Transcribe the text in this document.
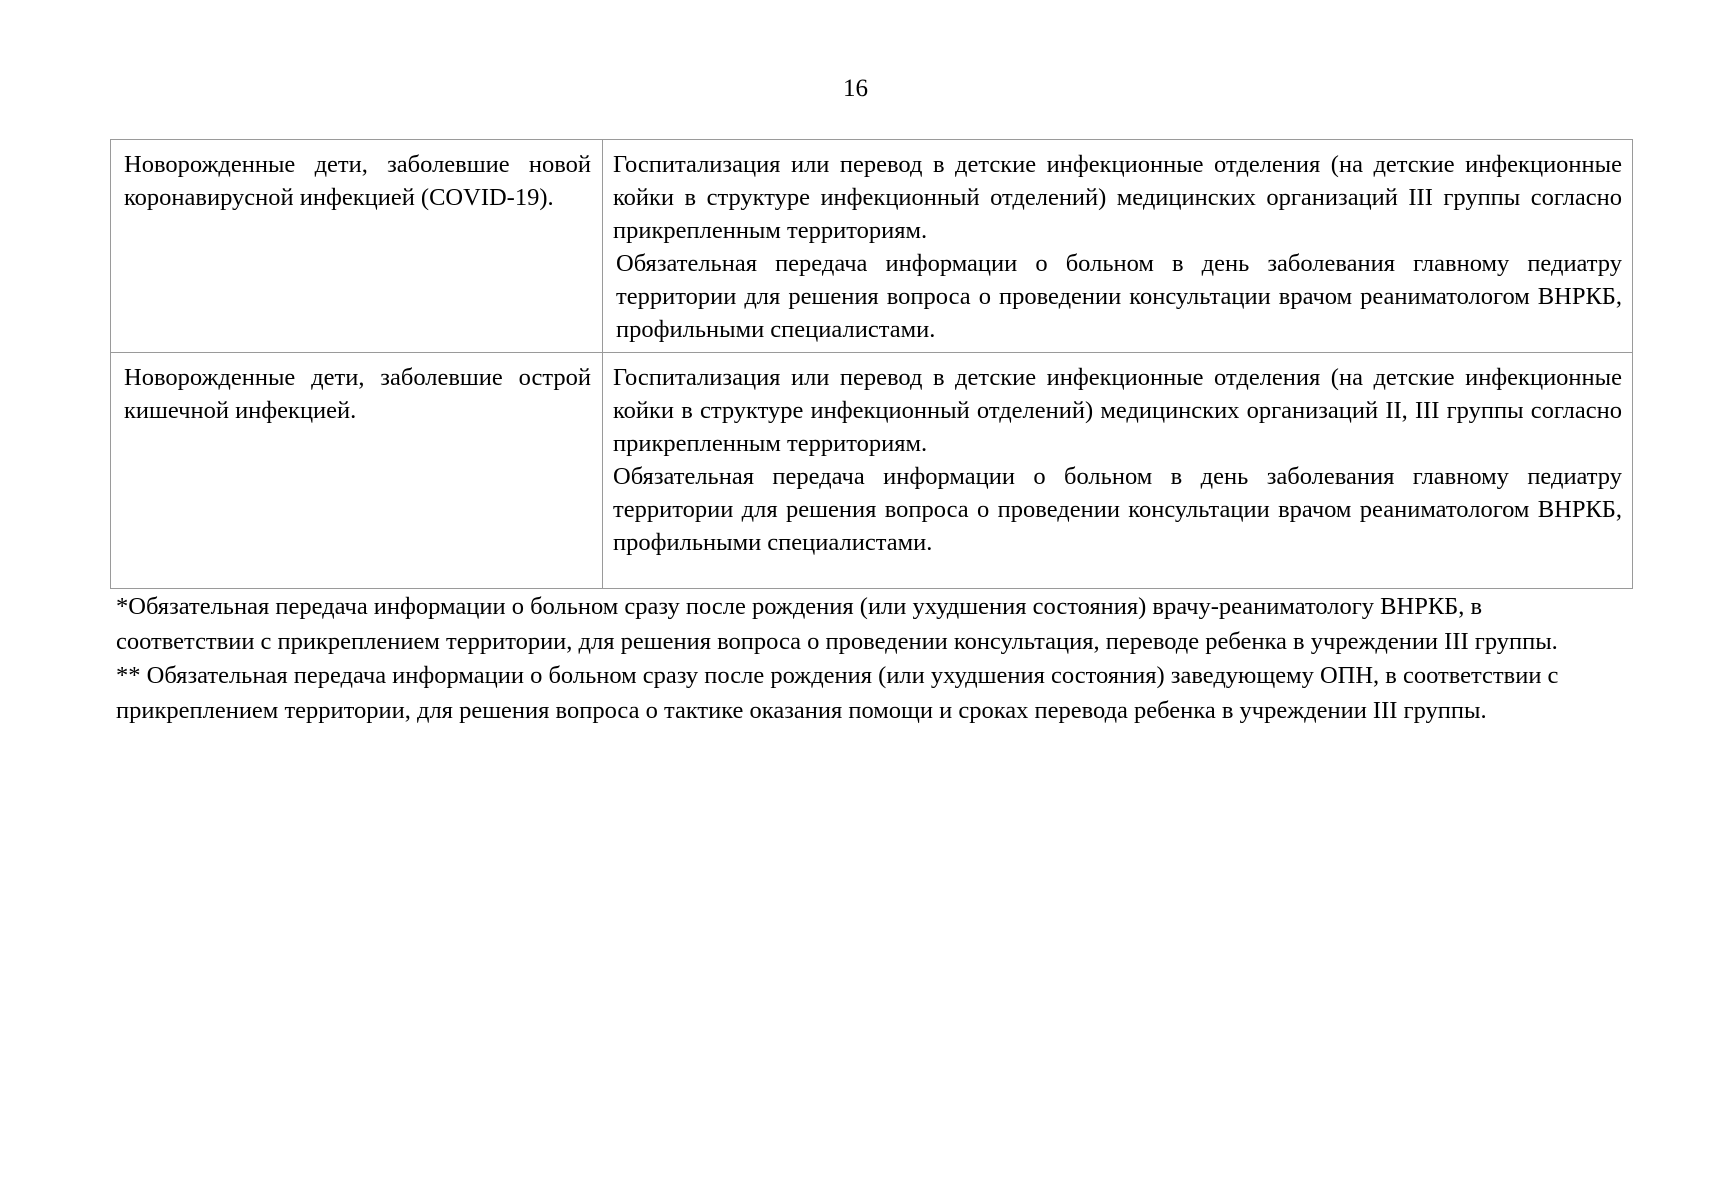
16

Новорожденные дети, заболевшие новой коронавирусной инфекцией (COVID-19).	Госпитализация или перевод в детские инфекционные отделения (на детские инфекционные койки в структуре инфекционный отделений) медицинских организаций III группы согласно прикрепленным территориям.

Обязательная передача информации о больном в день заболевания главному педиатру территории для решения вопроса о проведении консультации врачом реаниматологом ВНРКБ, профильными специалистами.

Новорожденные дети, заболевшие острой кишечной инфекцией.	Госпитализация или перевод в детские инфекционные отделения (на детские инфекционные койки в структуре инфекционный отделений) медицинских организаций II, III группы согласно прикрепленным территориям.

Обязательная передача информации о больном в день заболевания главному педиатру территории для решения вопроса о проведении консультации врачом реаниматологом ВНРКБ, профильными специалистами.

*Обязательная передача информации о больном сразу после рождения (или ухудшения состояния) врачу-реаниматологу ВНРКБ, в соответствии с прикреплением территории, для решения вопроса о проведении консультация, переводе ребенка в учреждении III группы.

** Обязательная передача информации о больном сразу после рождения (или ухудшения состояния) заведующему ОПН, в соответствии с прикреплением территории, для решения вопроса о тактике оказания помощи и сроках перевода ребенка в учреждении III группы.
